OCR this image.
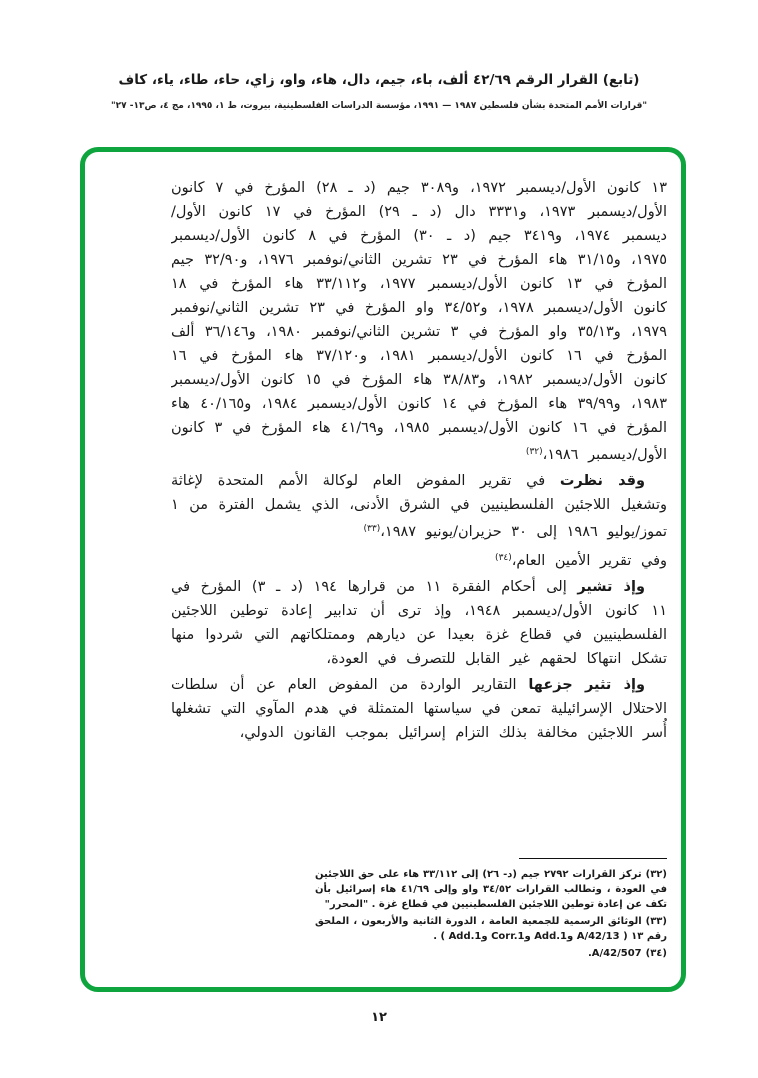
(تابع) القرار الرقم ٤٢/٦٩ ألف، باء، جيم، دال، هاء، واو، زاي، حاء، طاء، ياء، كاف
"قرارات الأمم المتحدة بشأن فلسطين ١٩٨٧ — ١٩٩١، مؤسسة الدراسات الفلسطينية، بيروت، ط ١، ١٩٩٥، مج ٤، ص١٣- ٢٧"

١٣ كانون الأول/ديسمبر ١٩٧٢، و٣٠٨٩ جيم (د ـ ٢٨) المؤرخ في ٧ كانون الأول/ديسمبر ١٩٧٣، و٣٣٣١ دال (د ـ ٢٩) المؤرخ في ١٧ كانون الأول/ديسمبر ١٩٧٤، و٣٤١٩ جيم (د ـ ٣٠) المؤرخ في ٨ كانون الأول/ديسمبر ١٩٧٥، و٣١/١٥ هاء المؤرخ في ٢٣ تشرين الثاني/نوفمبر ١٩٧٦، و٣٢/٩٠ جيم المؤرخ في ١٣ كانون الأول/ديسمبر ١٩٧٧، و٣٣/١١٢ هاء المؤرخ في ١٨ كانون الأول/ديسمبر ١٩٧٨، و٣٤/٥٢ واو المؤرخ في ٢٣ تشرين الثاني/نوفمبر ١٩٧٩، و٣٥/١٣ واو المؤرخ في ٣ تشرين الثاني/نوفمبر ١٩٨٠، و٣٦/١٤٦ ألف المؤرخ في ١٦ كانون الأول/ديسمبر ١٩٨١، و٣٧/١٢٠ هاء المؤرخ في ١٦ كانون الأول/ديسمبر ١٩٨٢، و٣٨/٨٣ هاء المؤرخ في ١٥ كانون الأول/ديسمبر ١٩٨٣، و٣٩/٩٩ هاء المؤرخ في ١٤ كانون الأول/ديسمبر ١٩٨٤، و٤٠/١٦٥ هاء المؤرخ في ١٦ كانون الأول/ديسمبر ١٩٨٥، و٤١/٦٩ هاء المؤرخ في ٣ كانون الأول/ديسمبر ١٩٨٦،$^{(٣٢)}$

وقد نظرت في تقرير المفوض العام لوكالة الأمم المتحدة لإغاثة وتشغيل اللاجئين الفلسطينيين في الشرق الأدنى، الذي يشمل الفترة من ١ تموز/يوليو ١٩٨٦ إلى ٣٠ حزيران/يونيو ١٩٨٧،$^{(٣٣)}$

وفي تقرير الأمين العام،$^{(٣٤)}$

وإذ تشير إلى أحكام الفقرة ١١ من قرارها ١٩٤ (د ـ ٣) المؤرخ في ١١ كانون الأول/ديسمبر ١٩٤٨، وإذ ترى أن تدابير إعادة توطين اللاجئين الفلسطينيين في قطاع غزة بعيدا عن ديارهم وممتلكاتهم التي شردوا منها تشكل انتهاكا لحقهم غير القابل للتصرف في العودة،

وإذ تثير جزعها التقارير الواردة من المفوض العام عن أن سلطات الاحتلال الإسرائيلية تمعن في سياستها المتمثلة في هدم المآوي التي تشغلها أُسر اللاجئين مخالفة بذلك التزام إسرائيل بموجب القانون الدولي،

(٣٢)تركز القرارات ٢٧٩٢ جيم (د- ٢٦) إلى ٣٣/١١٢ هاء على حق اللاجئين في العودة ، وتطالب القرارات ٣٤/٥٢ واو وإلى ٤١/٦٩ هاء إسرائيل بأن تكف عن إعادة توطين اللاجئين الفلسطينيين في قطاع غزة . "المحرر"

(٣٣)الوثائق الرسمية للجمعية العامة ، الدورة الثانية والأربعون ، الملحق رقم ١٣ ( A/42/13 وAdd.1 وCorr.1 وAdd.1 ) .

(٣٤)A/42/507.

١٢
